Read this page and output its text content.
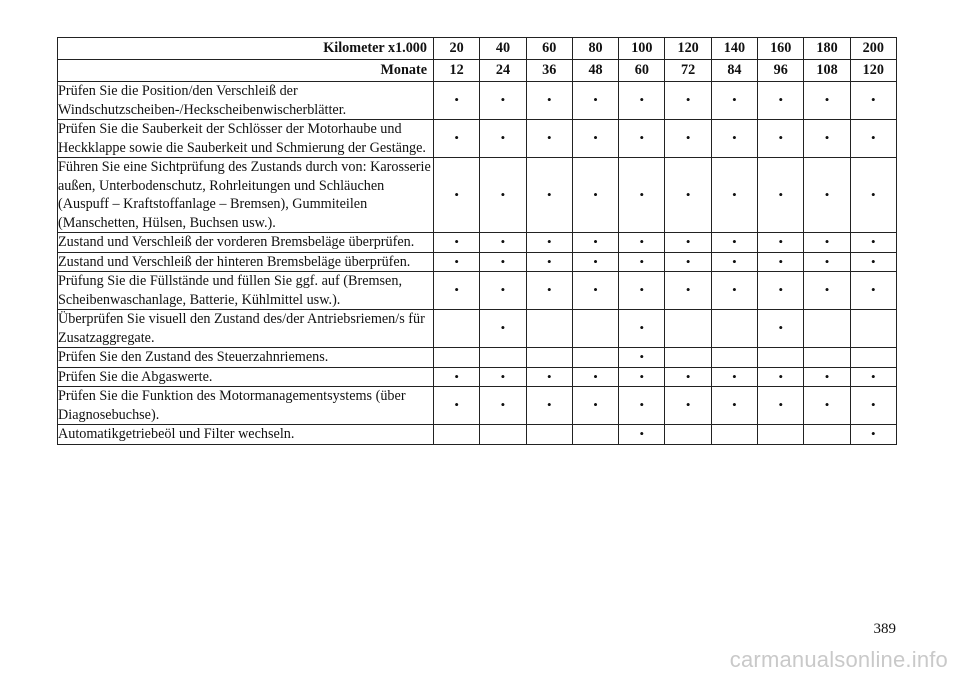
Kilometer x1.000	20	40	60	80	100	120	140	160	180	200
Monate	12	24	36	48	60	72	84	96	108	120
Prüfen Sie die Position/den Verschleiß der Windschutzscheiben-/Heckscheibenwischerblätter.	•	•	•	•	•	•	•	•	•	•
Prüfen Sie die Sauberkeit der Schlösser der Motorhaube und Heckklappe sowie die Sauberkeit und Schmierung der Gestänge.	•	•	•	•	•	•	•	•	•	•
Führen Sie eine Sichtprüfung des Zustands durch von: Karosserie außen, Unterbodenschutz, Rohrleitungen und Schläuchen (Auspuff – Kraftstoffanlage – Bremsen), Gummiteilen (Manschetten, Hülsen, Buchsen usw.).	•	•	•	•	•	•	•	•	•	•
Zustand und Verschleiß der vorderen Bremsbeläge überprüfen.	•	•	•	•	•	•	•	•	•	•
Zustand und Verschleiß der hinteren Bremsbeläge überprüfen.	•	•	•	•	•	•	•	•	•	•
Prüfung Sie die Füllstände und füllen Sie ggf. auf (Bremsen, Scheibenwaschanlage, Batterie, Kühlmittel usw.).	•	•	•	•	•	•	•	•	•	•
Überprüfen Sie visuell den Zustand des/der Antriebsriemen/s für Zusatzaggregate.		•			•			•		
Prüfen Sie den Zustand des Steuerzahnriemens.					•					
Prüfen Sie die Abgaswerte.	•	•	•	•	•	•	•	•	•	•
Prüfen Sie die Funktion des Motormanagementsystems (über Diagnosebuchse).	•	•	•	•	•	•	•	•	•	•
Automatikgetriebeöl und Filter wechseln.					•					•
389
carmanualsonline.info
